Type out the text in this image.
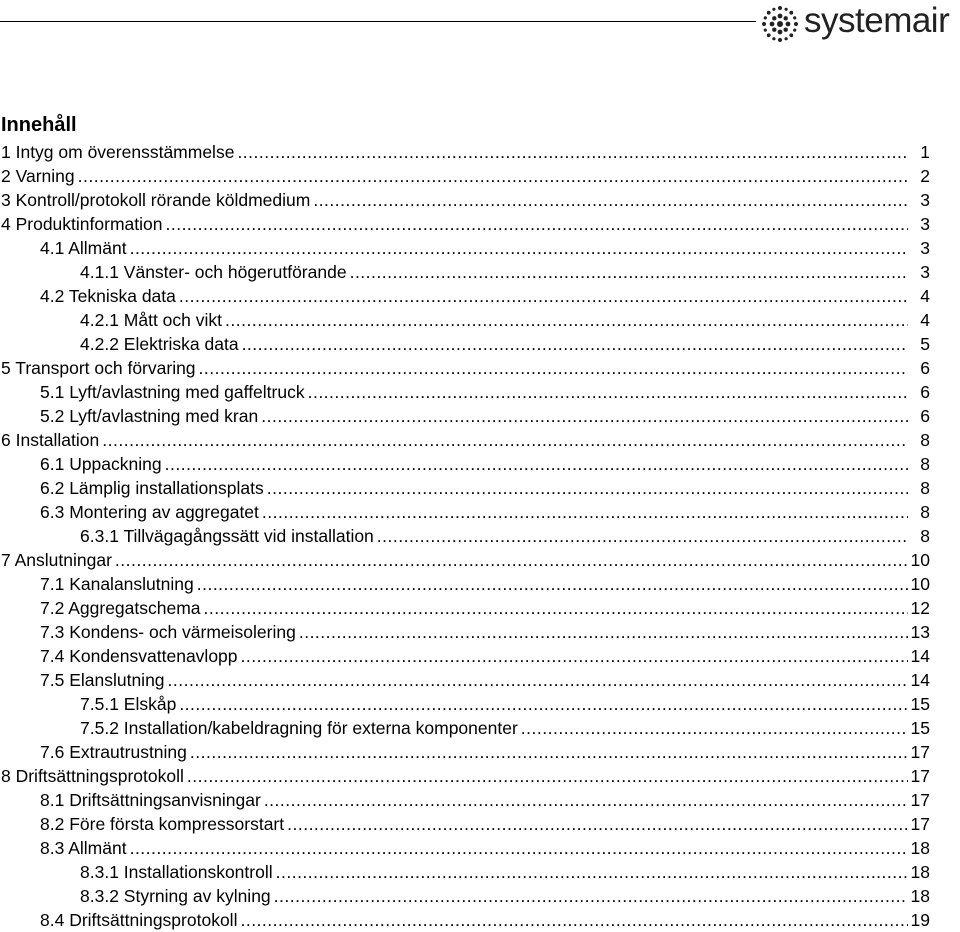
systemair
Innehåll
1 Intyg om överensstämmelse .....	1
2 Varning .....	2
3 Kontroll/protokoll rörande köldmedium .....	3
4 Produktinformation .....	3
4.1 Allmänt .....	3
4.1.1 Vänster- och högerutförande .....	3
4.2 Tekniska data .....	4
4.2.1 Mått och vikt .....	4
4.2.2 Elektriska data .....	5
5 Transport och förvaring .....	6
5.1 Lyft/avlastning med gaffeltruck .....	6
5.2 Lyft/avlastning med kran .....	6
6 Installation .....	8
6.1 Uppackning .....	8
6.2 Lämplig installationsplats .....	8
6.3 Montering av aggregatet .....	8
6.3.1 Tillvägagångssätt vid installation .....	8
7 Anslutningar .....	10
7.1 Kanalanslutning .....	10
7.2 Aggregatschema .....	12
7.3 Kondens- och värmeisolering .....	13
7.4 Kondensvattenavlopp .....	14
7.5 Elanslutning .....	14
7.5.1 Elskåp .....	15
7.5.2 Installation/kabeldragning för externa komponenter .....	15
7.6 Extrautrustning .....	17
8 Driftsättningsprotokoll .....	17
8.1 Driftsättningsanvisningar .....	17
8.2 Före första kompressorstart .....	17
8.3 Allmänt .....	18
8.3.1 Installationskontroll .....	18
8.3.2 Styrning av kylning .....	18
8.4 Driftsättningsprotokoll .....	19
